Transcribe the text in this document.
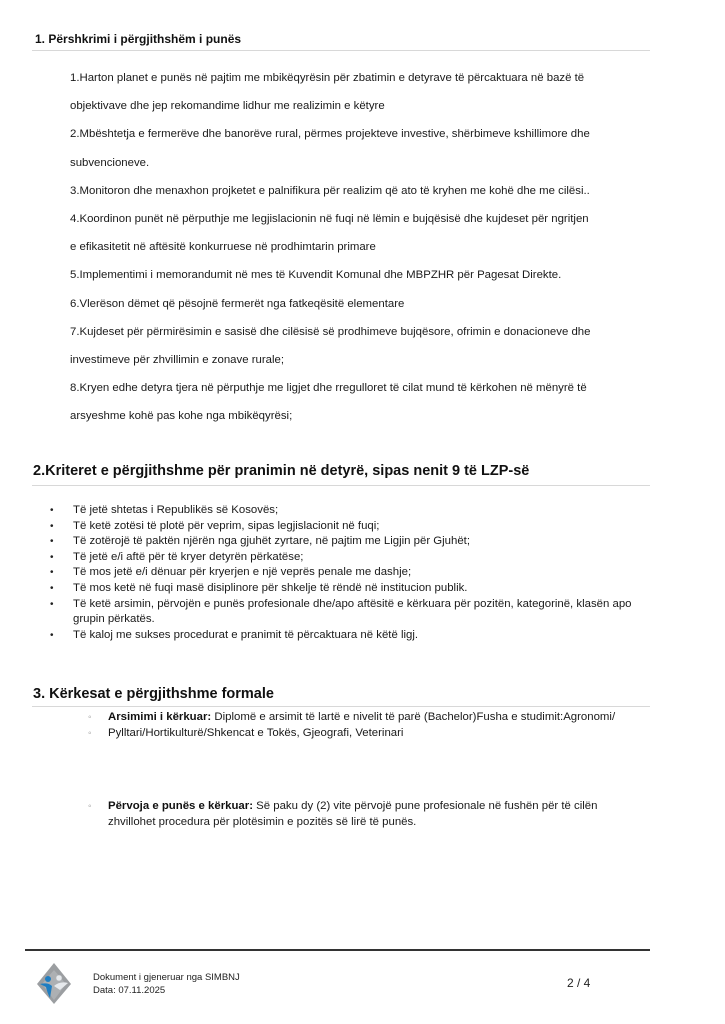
1. Përshkrimi i përgjithshëm i punës

1.Harton planet e punës në pajtim me mbikëqyrësin për zbatimin e detyrave të përcaktuara në bazë të

objektivave dhe jep rekomandime lidhur me realizimin e këtyre

2.Mbështetja e fermerëve dhe banorëve rural, përmes projekteve investive, shërbimeve kshillimore dhe

subvencioneve.

3.Monitoron dhe menaxhon projketet e palnifikura për realizim që ato të kryhen me kohë dhe me cilësi..

4.Koordinon punët në përputhje me legjislacionin në fuqi në lëmin e bujqësisë dhe kujdeset për ngritjen

e efikasitetit në aftësitë konkurruese në prodhimtarin primare

5.Implementimi i memorandumit në mes të Kuvendit Komunal dhe MBPZHR për Pagesat Direkte.

6.Vlerëson dëmet që pësojnë fermerët nga fatkeqësitë elementare

7.Kujdeset për përmirësimin e sasisë dhe cilësisë së prodhimeve bujqësore, ofrimin e donacioneve dhe

investimeve për zhvillimin e zonave rurale;

8.Kryen edhe detyra tjera në përputhje me ligjet dhe rregulloret të cilat mund të kërkohen në mënyrë të

arsyeshme kohë pas kohe nga mbikëqyrësi;

2.Kriteret e përgjithshme për pranimin në detyrë, sipas nenit 9 të LZP-së
• Të jetë shtetas i Republikës së Kosovës;
• Të ketë zotësi të plotë për veprim, sipas legjislacionit në fuqi;
• Të zotërojë të paktën njërën nga gjuhët zyrtare, në pajtim me Ligjin për Gjuhët;
• Të jetë e/i aftë për të kryer detyrën përkatëse;
• Të mos jetë e/i dënuar për kryerjen e një veprës penale me dashje;
• Të mos ketë në fuqi masë disiplinore për shkelje të rëndë në institucion publik.
• Të ketë arsimin, përvojën e punës profesionale dhe/apo aftësitë e kërkuara për pozitën, kategorinë, klasën apo grupin përkatës.
• Të kaloj me sukses procedurat e pranimit të përcaktuara në këtë ligj.
3. Kërkesat e përgjithshme formale
◦ Arsimimi i kërkuar: Diplomë e arsimit të lartë e nivelit të parë (Bachelor)Fusha e studimit:Agronomi/
◦ Pylltari/Hortikulturë/Shkencat e Tokës, Gjeografi, Veterinari
◦ Përvoja e punës e kërkuar: Së paku dy (2) vite përvojë pune profesionale në fushën për të cilën zhvillohet procedura për plotësimin e pozitës së lirë të punës.
Dokument i gjeneruar nga SIMBNJ
Data: 07.11.2025
2 / 4
